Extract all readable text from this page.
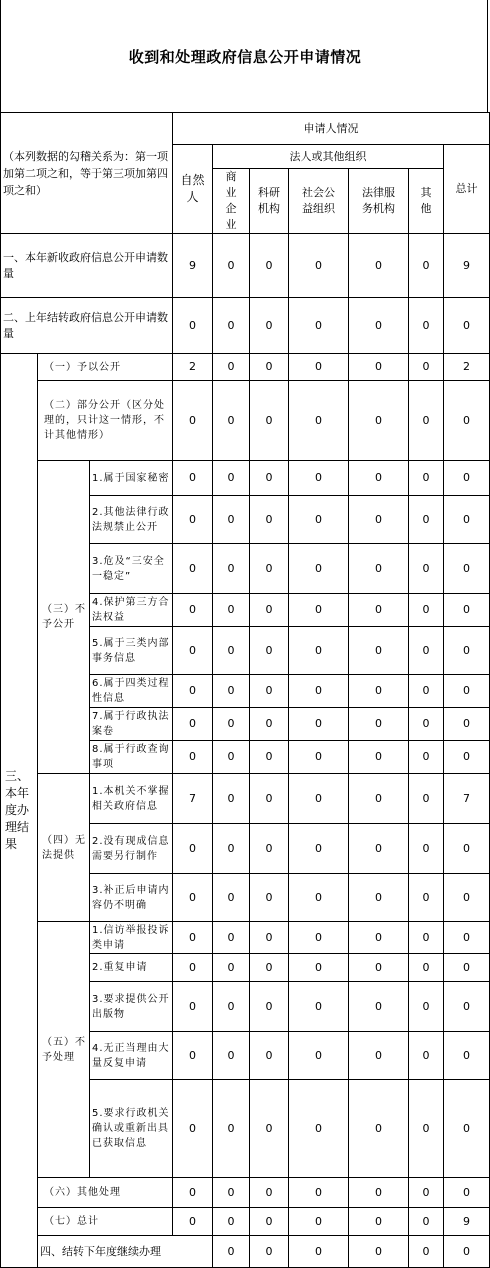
收到和处理政府信息公开申请情况
（本列数据的勾稽关系为：第一项加第二项之和，等于第三项加第四项之和）			申请人情况							
			自然人	法人或其他组织					总计	
				商业企业	科研机构	社会公益组织	法律服务机构	其他		
一、本年新收政府信息公开申请数量			9	0	0	0	0	0	9	
二、上年结转政府信息公开申请数量			0	0	0	0	0	0	0	
三、本年度办理结果	（一）予以公开		2	0	0	0	0	0	2	
	（二）部分公开（区分处理的，只计这一情形，不计其他情形）		0	0	0	0	0	0	0	
	（三）不予公开	1.属于国家秘密	0	0	0	0	0	0	0	
		2.其他法律行政法规禁止公开	0	0	0	0	0	0	0	
		3.危及“三安全一稳定”	0	0	0	0	0	0	0	
		4.保护第三方合法权益	0	0	0	0	0	0	0	
		5.属于三类内部事务信息	0	0	0	0	0	0	0	
		6.属于四类过程性信息	0	0	0	0	0	0	0	
		7.属于行政执法案卷	0	0	0	0	0	0	0	
		8.属于行政查询事项	0	0	0	0	0	0	0	
	（四）无法提供	1.本机关不掌握相关政府信息	7	0	0	0	0	0	7	
		2.没有现成信息需要另行制作	0	0	0	0	0	0	0	
		3.补正后申请内容仍不明确	0	0	0	0	0	0	0	
	（五）不予处理	1.信访举报投诉类申请	0	0	0	0	0	0	0	
		2.重复申请	0	0	0	0	0	0	0	
		3.要求提供公开出版物	0	0	0	0	0	0	0	
		4.无正当理由大量反复申请	0	0	0	0	0	0	0	
		5.要求行政机关确认或重新出具已获取信息	0	0	0	0	0	0	0	
	（六）其他处理		0	0	0	0	0	0	0	
	（七）总计		0	0	0	0	0	0	9	
	四、结转下年度继续办理			0	0	0	0	0	0	
